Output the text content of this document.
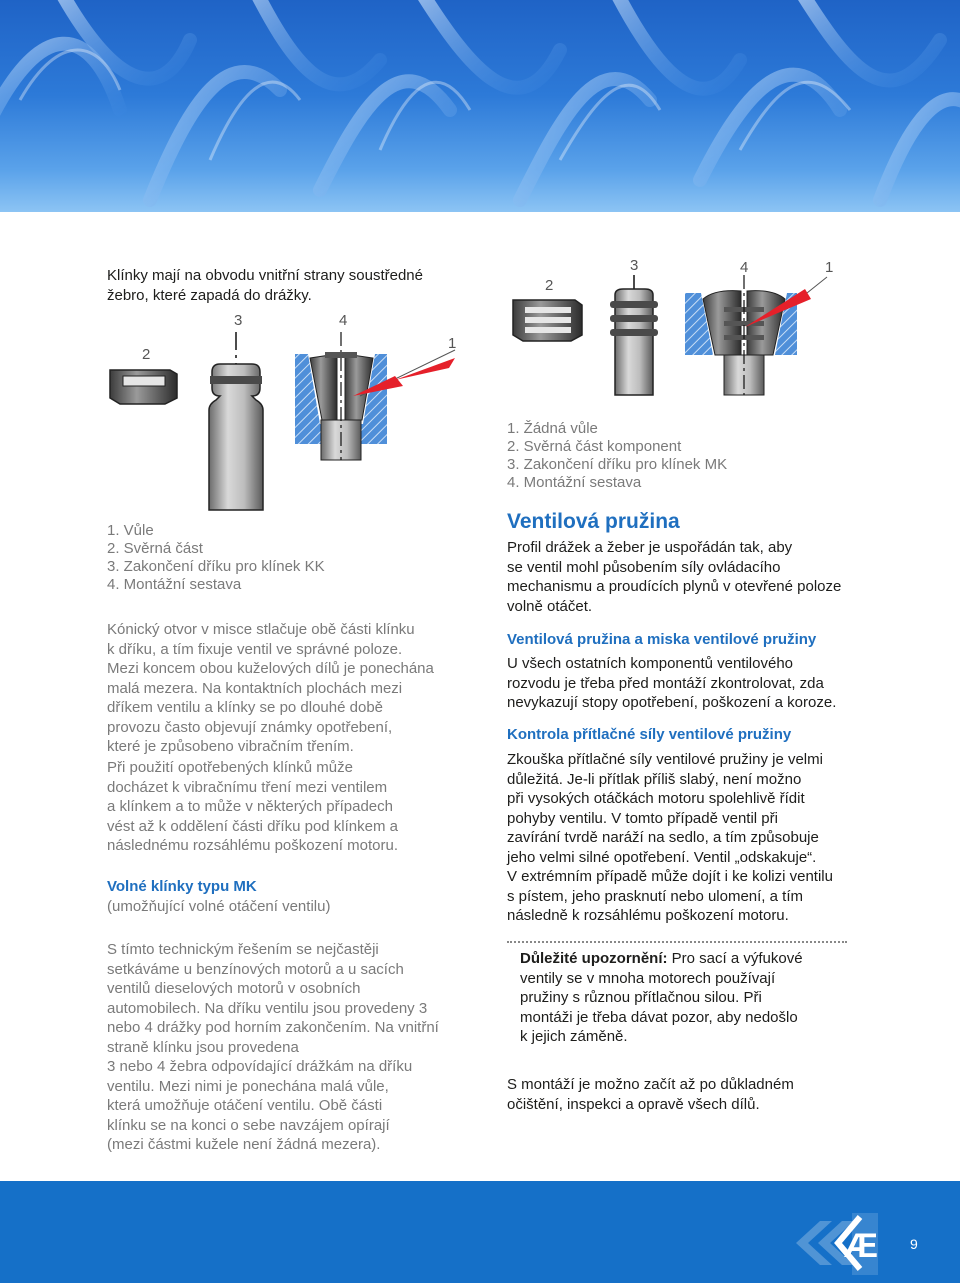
Klínky mají na obvodu vnitřní strany soustředné
žebro, které zapadá do drážky.
2
3	4
1
1. Vůle
2. Svěrná část
3. Zakončení dříku pro klínek KK
4. Montážní sestava
Kónický otvor v misce stlačuje obě části klínku
k dříku, a tím fixuje ventil ve správné poloze.
Mezi koncem obou kuželových dílů je ponechána
malá mezera. Na kontaktních plochách mezi
dříkem ventilu a klínky se po dlouhé době
provozu často objevují známky opotřebení,
které je způsobeno vibračním třením.
Při použití opotřebených klínků může
docházet k vibračnímu tření mezi ventilem
a klínkem a to může v některých případech
vést až k oddělení části dříku pod klínkem a
následnému rozsáhlému poškození motoru.
Volné klínky typu MK
(umožňující volné otáčení ventilu)
S tímto technickým řešením se nejčastěji
setkáváme u benzínových motorů a u sacích
ventilů dieselových motorů v osobních
automobilech. Na dříku ventilu jsou provedeny 3
nebo 4 drážky pod horním zakončením. Na vnitřní
straně klínku jsou provedena
3 nebo 4 žebra odpovídající drážkám na dříku
ventilu. Mezi nimi je ponechána malá vůle,
která umožňuje otáčení ventilu. Obě části
klínku se na konci o sebe navzájem opírají
(mezi částmi kužele není žádná mezera).
2
3	4	1
1. Žádná vůle
2. Svěrná část komponent
3. Zakončení dříku pro klínek MK
4. Montážní sestava
Ventilová pružina
Profil drážek a žeber je uspořádán tak, aby
se ventil mohl působením síly ovládacího
mechanismu a proudících plynů v otevřené poloze
volně otáčet.
Ventilová pružina a miska ventilové pružiny
U všech ostatních komponentů ventilového
rozvodu je třeba před montáží zkontrolovat, zda
nevykazují stopy opotřebení, poškození a koroze.
Kontrola přítlačné síly ventilové pružiny
Zkouška přítlačné síly ventilové pružiny je velmi
důležitá. Je-li přítlak příliš slabý, není možno
při vysokých otáčkách motoru spolehlivě řídit
pohyby ventilu. V tomto případě ventil při
zavírání tvrdě naráží na sedlo, a tím způsobuje
jeho velmi silné opotřebení. Ventil „odskakuje“.
V extrémním případě může dojít i ke kolizi ventilu
s pístem, jeho prasknutí nebo ulomení, a tím
následně k rozsáhlému poškození motoru.
Důležité upozornění: Pro sací a výfukové
ventily se v mnoha motorech používají
pružiny s různou přítlačnou silou. Při
montáži je třeba dávat pozor, aby nedošlo
k jejich záměně.
S montáží je možno začít až po důkladném
očištění, inspekci a opravě všech dílů.
Æ 9
